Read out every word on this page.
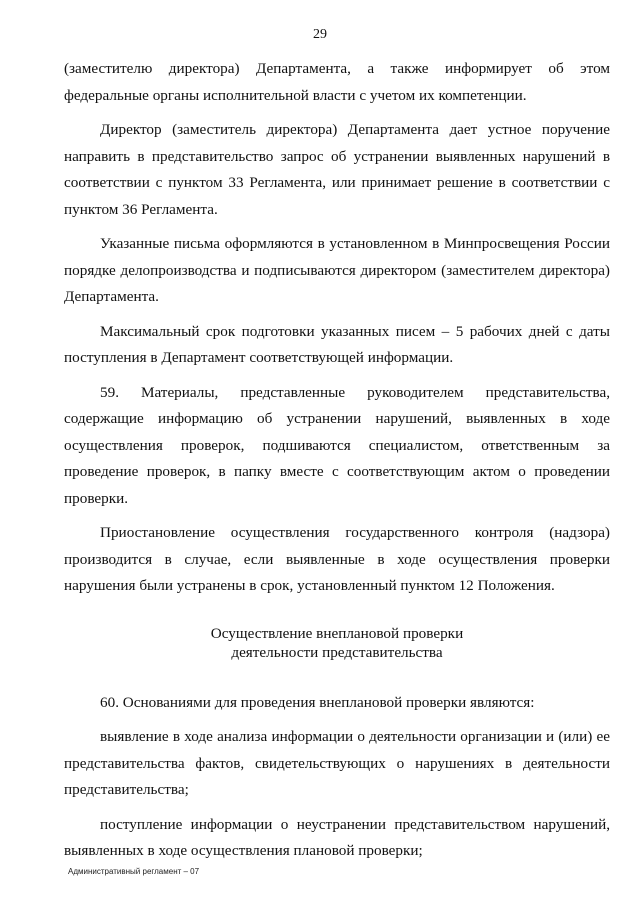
29

(заместителю директора) Департамента, а также информирует об этом федеральные органы исполнительной власти с учетом их компетенции.

Директор (заместитель директора) Департамента дает устное поручение направить в представительство запрос об устранении выявленных нарушений в соответствии с пунктом 33 Регламента, или принимает решение в соответствии с пунктом 36 Регламента.

Указанные письма оформляются в установленном в Минпросвещения России порядке делопроизводства и подписываются директором (заместителем директора) Департамента.

Максимальный срок подготовки указанных писем – 5 рабочих дней с даты поступления в Департамент соответствующей информации.

59. Материалы, представленные руководителем представительства, содержащие информацию об устранении нарушений, выявленных в ходе осуществления проверок, подшиваются специалистом, ответственным за проведение проверок, в папку вместе с соответствующим актом о проведении проверки.

Приостановление осуществления государственного контроля (надзора) производится в случае, если выявленные в ходе осуществления проверки нарушения были устранены в срок, установленный пунктом 12 Положения.

Осуществление внеплановой проверки
деятельности представительства

60. Основаниями для проведения внеплановой проверки являются:

выявление в ходе анализа информации о деятельности организации и (или) ее представительства фактов, свидетельствующих о нарушениях в деятельности представительства;

поступление информации о неустранении представительством нарушений, выявленных в ходе осуществления плановой проверки;

Административный регламент – 07
